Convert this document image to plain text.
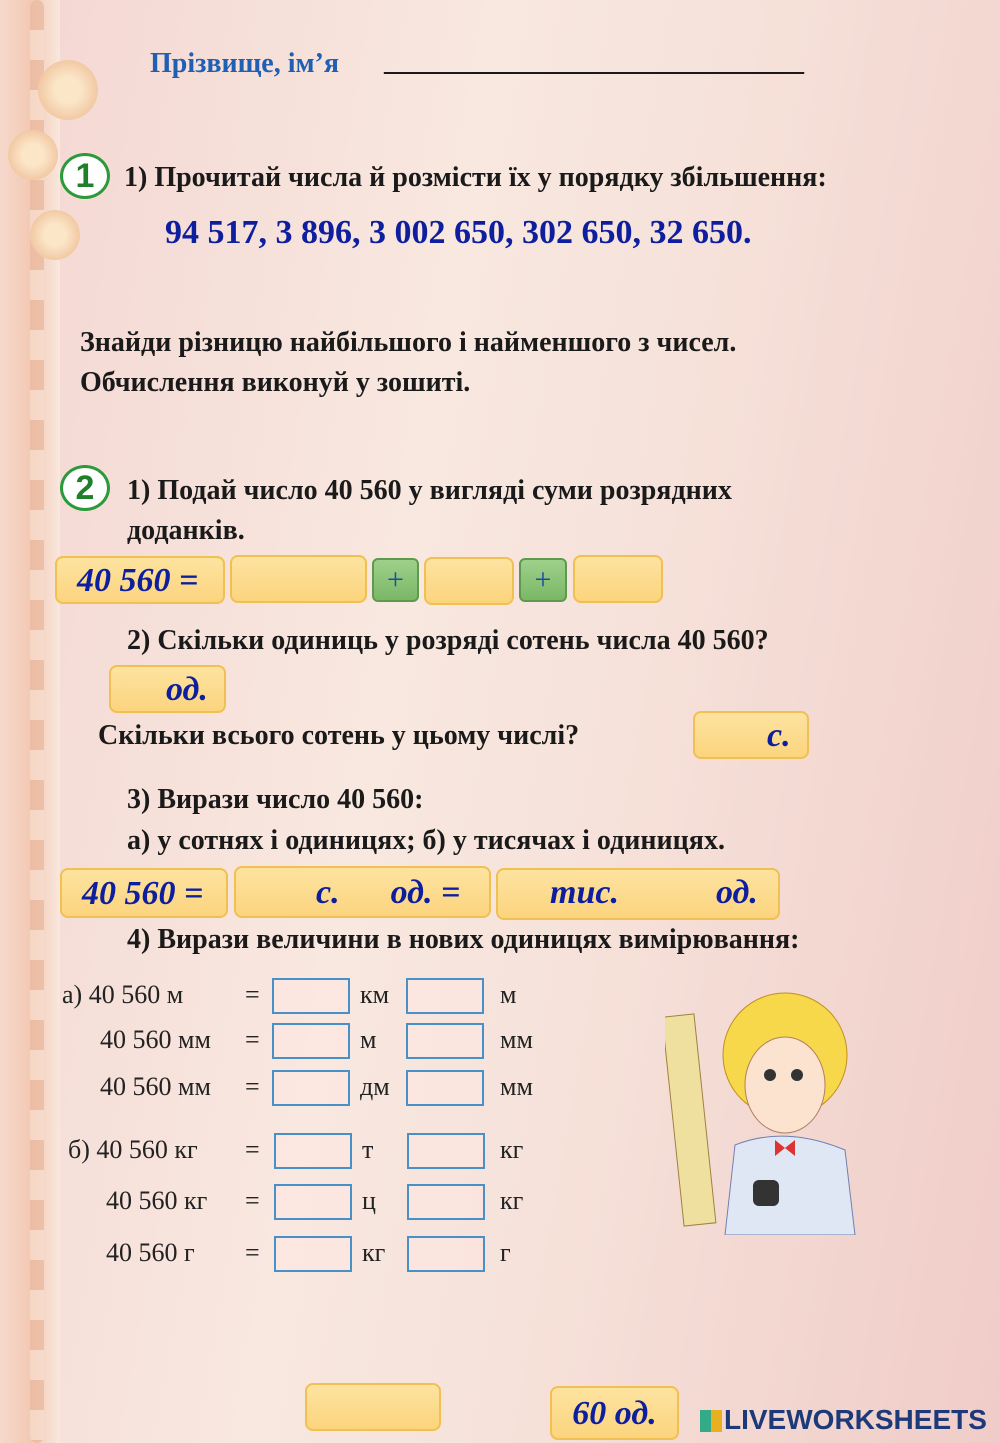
Прізвище, ім’я ______________________________
1	1) Прочитай числа й розмісти їх у порядку збільшення:
94 517, 3 896, 3 002 650, 302 650, 32 650.
Знайди різницю найбільшого і найменшого з чисел.
Обчислення виконуй у зошиті.
2	1) Подай число 40 560 у вигляді суми розрядних
доданків.
40 560 =	+	+
2) Скільки одиниць у розряді сотень числа 40 560?
од.
Скільки всього сотень у цьому числі?	с.
3) Вирази число 40 560:
а) у сотнях і одиницях; б) у тисячах і одиницях.
40 560 =	с.      од. =	тис.	од.
4) Вирази величини в нових одиницях вимірювання:
60 од.	LIVEWORKSHEETS
а) 40 560 м =	км	м
40 560 мм =	м	мм
40 560 мм =	дм	мм
б) 40 560 кг =	т	кг
40 560 кг =	ц	кг
40 560 г =	кг	г
